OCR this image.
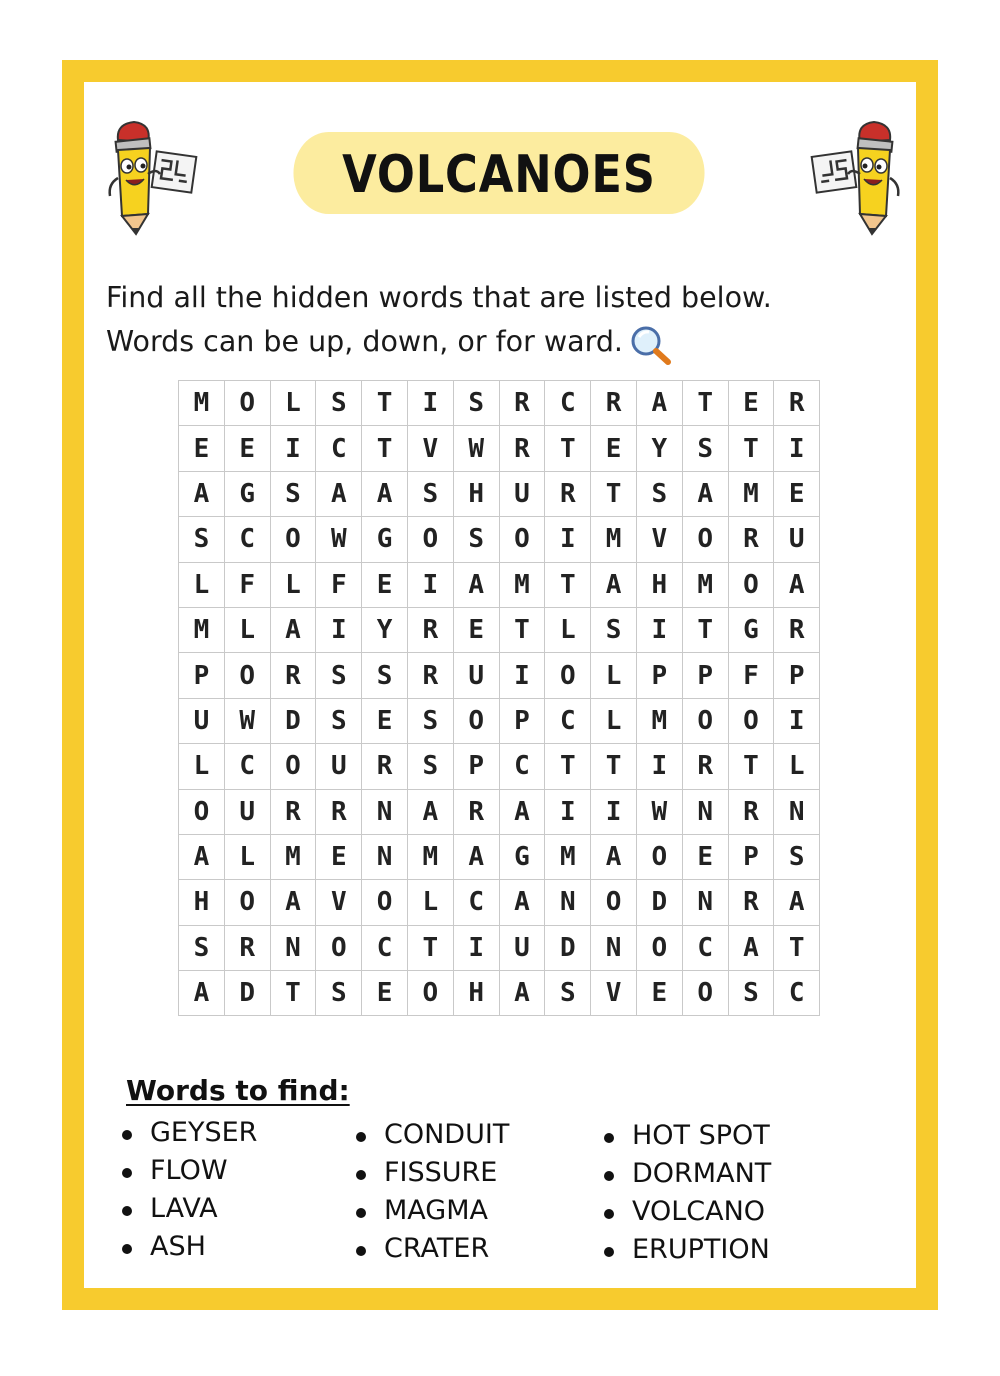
VOLCANOES
Find all the hidden words that are listed below.
Words can be up, down, or for ward.
M	O	L	S	T	I	S	R	C	R	A	T	E	R
E	E	I	C	T	V	W	R	T	E	Y	S	T	I
A	G	S	A	A	S	H	U	R	T	S	A	M	E
S	C	O	W	G	O	S	O	I	M	V	O	R	U
L	F	L	F	E	I	A	M	T	A	H	M	O	A
M	L	A	I	Y	R	E	T	L	S	I	T	G	R
P	O	R	S	S	R	U	I	O	L	P	P	F	P
U	W	D	S	E	S	O	P	C	L	M	O	O	I
L	C	O	U	R	S	P	C	T	T	I	R	T	L
O	U	R	R	N	A	R	A	I	I	W	N	R	N
A	L	M	E	N	M	A	G	M	A	O	E	P	S
H	O	A	V	O	L	C	A	N	O	D	N	R	A
S	R	N	O	C	T	I	U	D	N	O	C	A	T
A	D	T	S	E	O	H	A	S	V	E	O	S	C
Words to find:
GEYSER
FLOW
LAVA
ASH
CONDUIT
FISSURE
MAGMA
CRATER
HOT SPOT
DORMANT
VOLCANO
ERUPTION
